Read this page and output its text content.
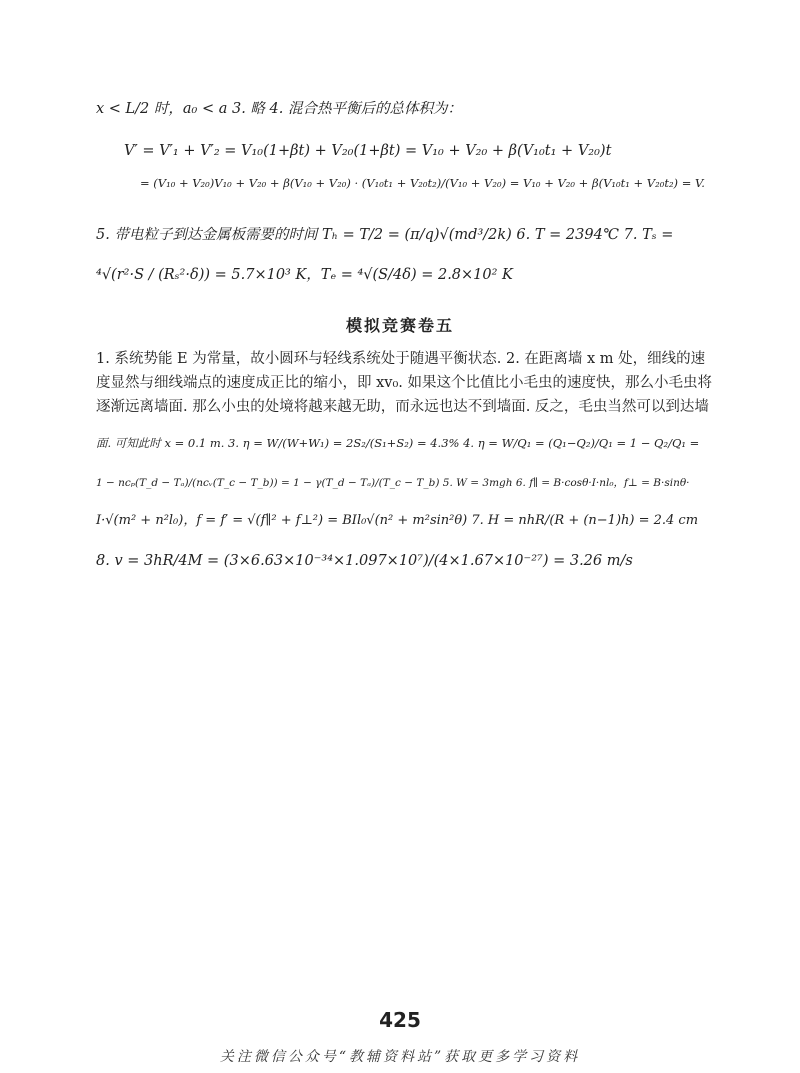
x < L/2 时，a₀ < a 3. 略 4. 混合热平衡后的总体积为：
V′ = V′₁ + V′₂ = V₁₀(1+βt) + V₂₀(1+βt) = V₁₀ + V₂₀ + β(V₁₀t₁ + V₂₀)t
= (V₁₀ + V₂₀)V₁₀ + V₂₀ + β(V₁₀ + V₂₀) · (V₁₀t₁ + V₂₀t₂)/(V₁₀ + V₂₀) = V₁₀ + V₂₀ + β(V₁₀t₁ + V₂₀t₂) = V.
5. 带电粒子到达金属板需要的时间 Tₕ = T/2 = (π/q)√(md³/2k) 6. T = 2394℃ 7. Tₛ =
⁴√(r²·S / (Rₛ²·δ)) = 5.7×10³ K，Tₑ = ⁴√(S/4δ) = 2.8×10² K
模拟竞赛卷五
1. 系统势能 E 为常量，故小圆环与轻线系统处于随遇平衡状态. 2. 在距离墙 x m 处，细线的速
度显然与细线端点的速度成正比的缩小，即 xv₀. 如果这个比值比小毛虫的速度快，那么小毛虫将
逐渐远离墙面. 那么小虫的处境将越来越无助，而永远也达不到墙面. 反之，毛虫当然可以到达墙
面. 可知此时 x = 0.1 m. 3. η = W/(W+W₁) = 2S₂/(S₁+S₂) = 4.3% 4. η = W/Q₁ = (Q₁−Q₂)/Q₁ = 1 − Q₂/Q₁ =
1 − ncₚ(T_d − Tₐ)/(ncᵥ(T_c − T_b)) = 1 − γ(T_d − Tₐ)/(T_c − T_b) 5. W = 3mgh 6. f∥ = B·cosθ·I·nl₀，f⊥ = B·sinθ·
I·√(m² + n²l₀)，f = f′ = √(f∥² + f⊥²) = BIl₀√(n² + m²sin²θ) 7. H = nhR/(R + (n−1)h) = 2.4 cm
8. v = 3hR/4M = (3×6.63×10⁻³⁴×1.097×10⁷)/(4×1.67×10⁻²⁷) = 3.26 m/s
425
关注微信公众号“教辅资料站”获取更多学习资料
